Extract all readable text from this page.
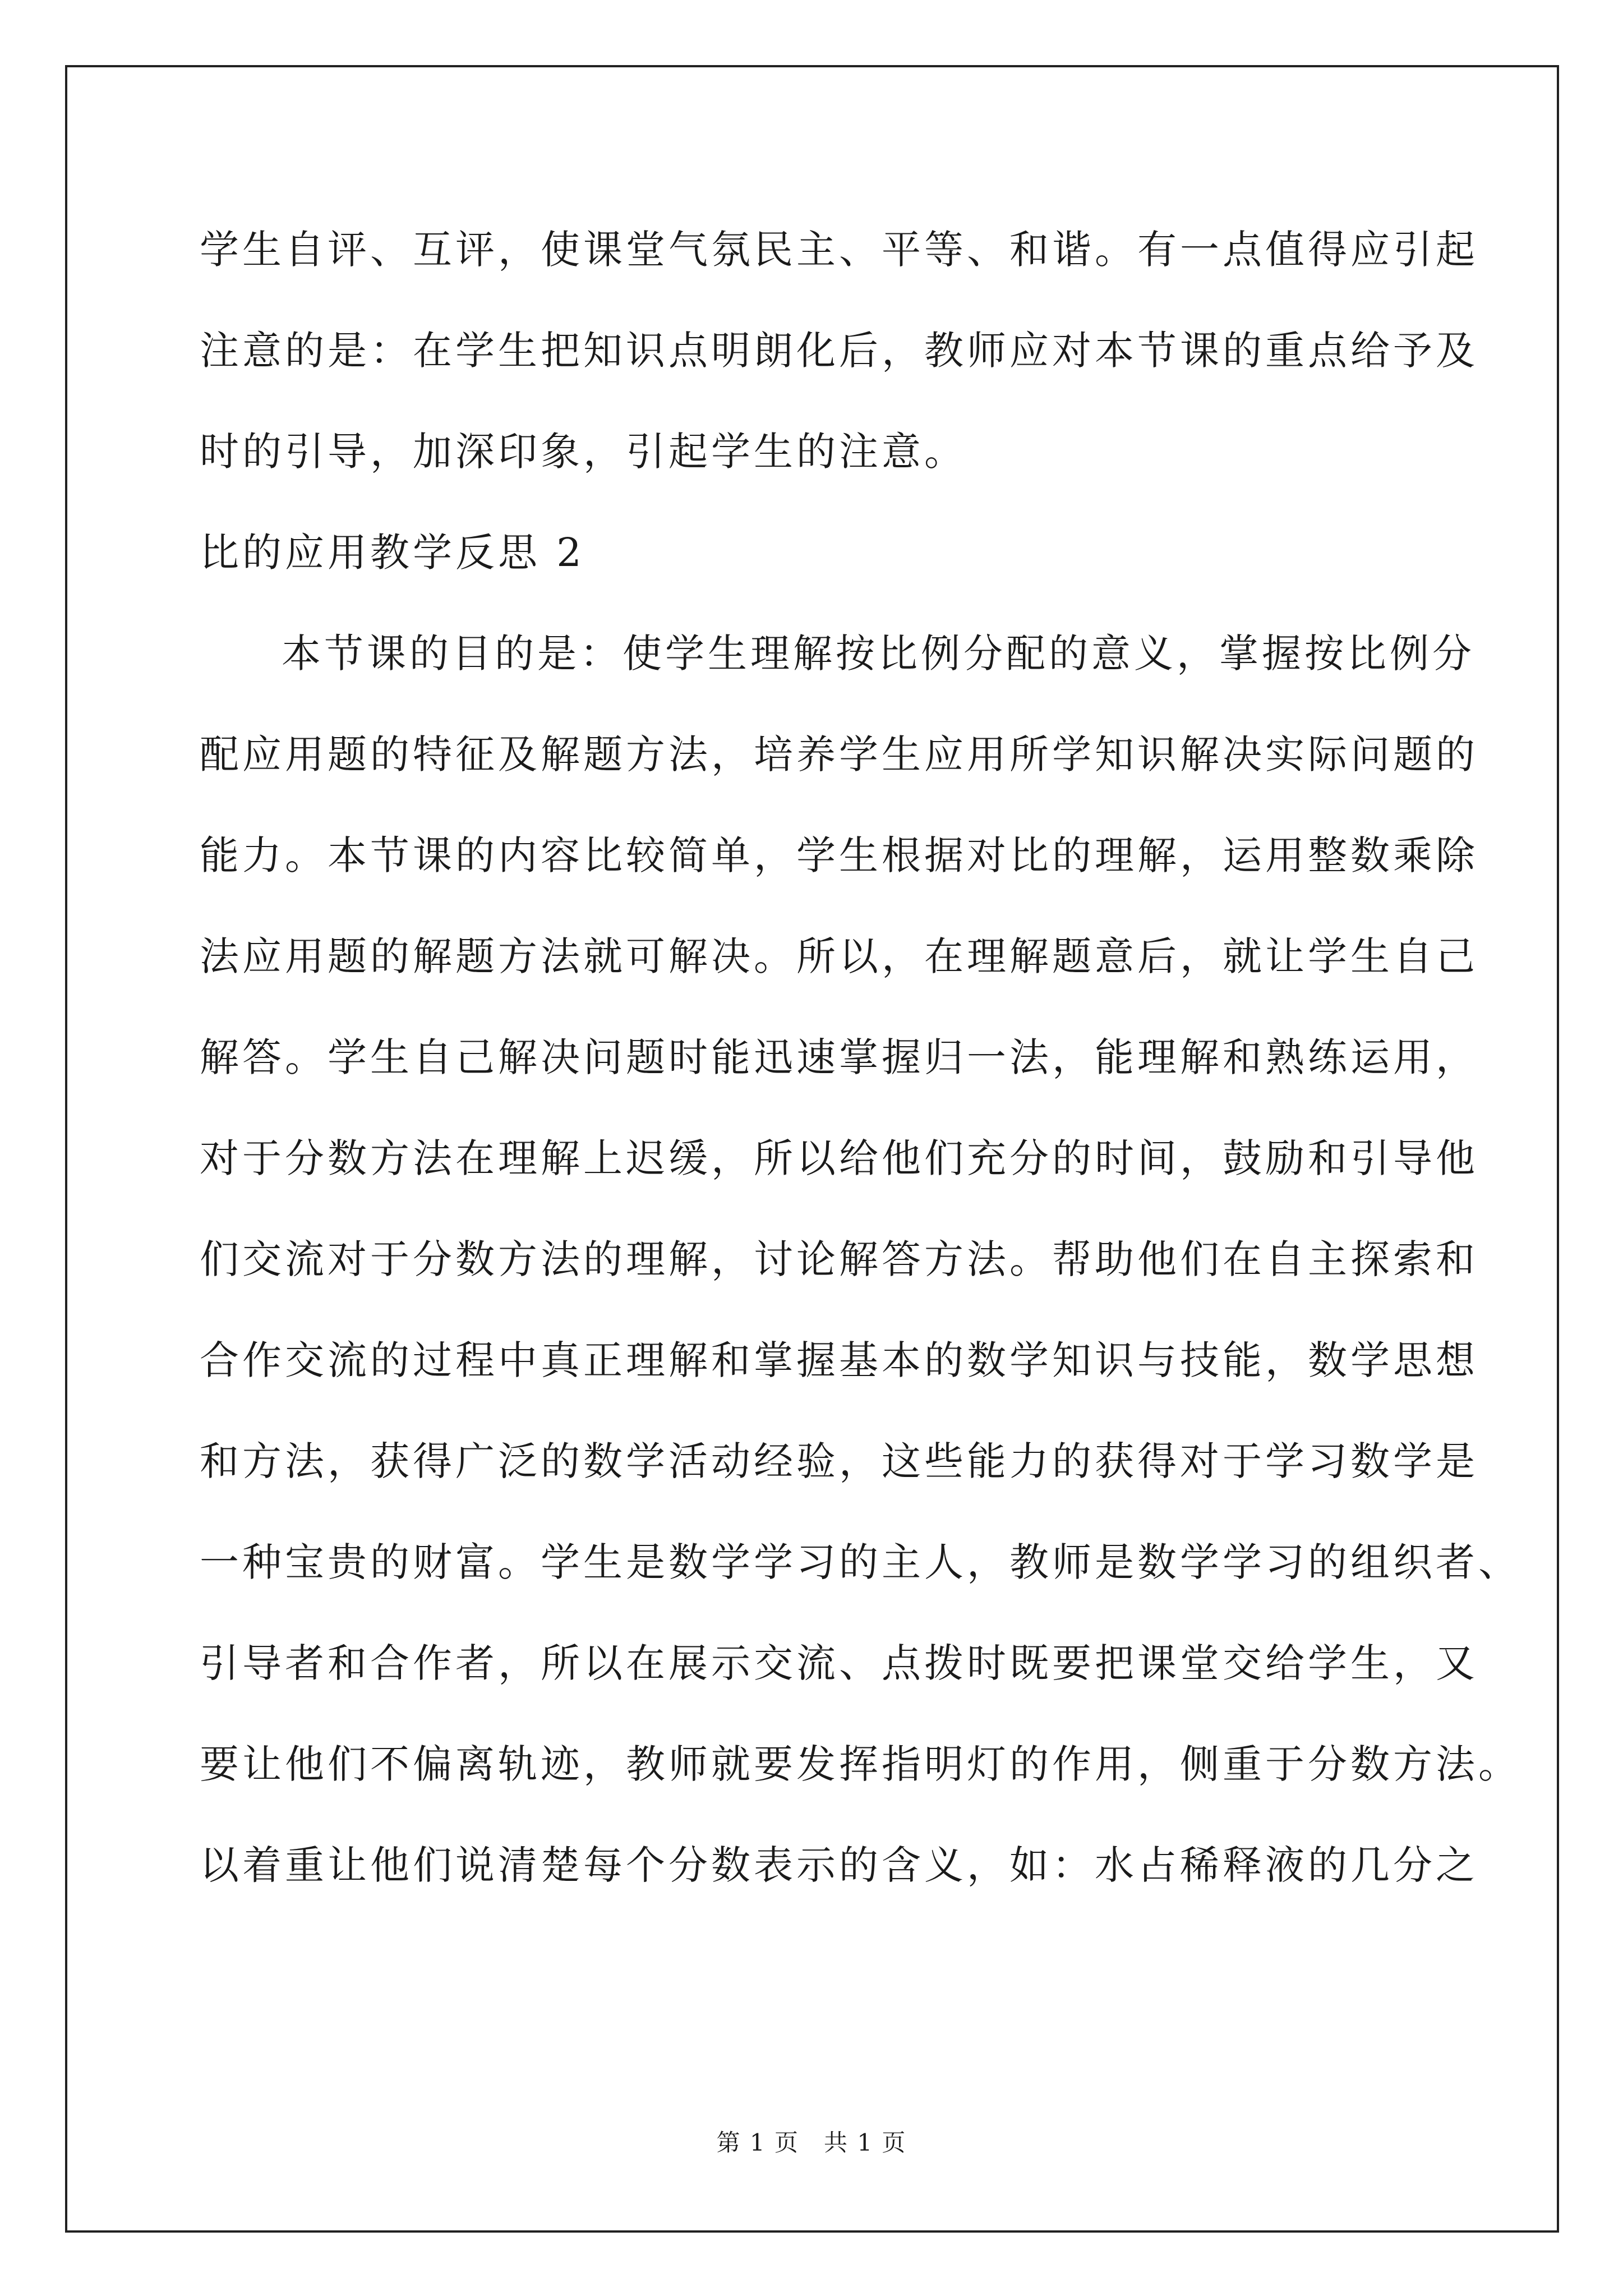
学生自评、互评，使课堂气氛民主、平等、和谐。有一点值得应引起
注意的是：在学生把知识点明朗化后，教师应对本节课的重点给予及
时的引导，加深印象，引起学生的注意。
比的应用教学反思 2
本节课的目的是：使学生理解按比例分配的意义，掌握按比例分
配应用题的特征及解题方法，培养学生应用所学知识解决实际问题的
能力。本节课的内容比较简单，学生根据对比的理解，运用整数乘除
法应用题的解题方法就可解决。所以，在理解题意后，就让学生自己
解答。学生自己解决问题时能迅速掌握归一法，能理解和熟练运用，
对于分数方法在理解上迟缓，所以给他们充分的时间，鼓励和引导他
们交流对于分数方法的理解，讨论解答方法。帮助他们在自主探索和
合作交流的过程中真正理解和掌握基本的数学知识与技能，数学思想
和方法，获得广泛的数学活动经验，这些能力的获得对于学习数学是
一种宝贵的财富。学生是数学学习的主人，教师是数学学习的组织者、
引导者和合作者，所以在展示交流、点拨时既要把课堂交给学生，又
要让他们不偏离轨迹，教师就要发挥指明灯的作用，侧重于分数方法。
以着重让他们说清楚每个分数表示的含义，如：水占稀释液的几分之
第 1 页　共 1 页
